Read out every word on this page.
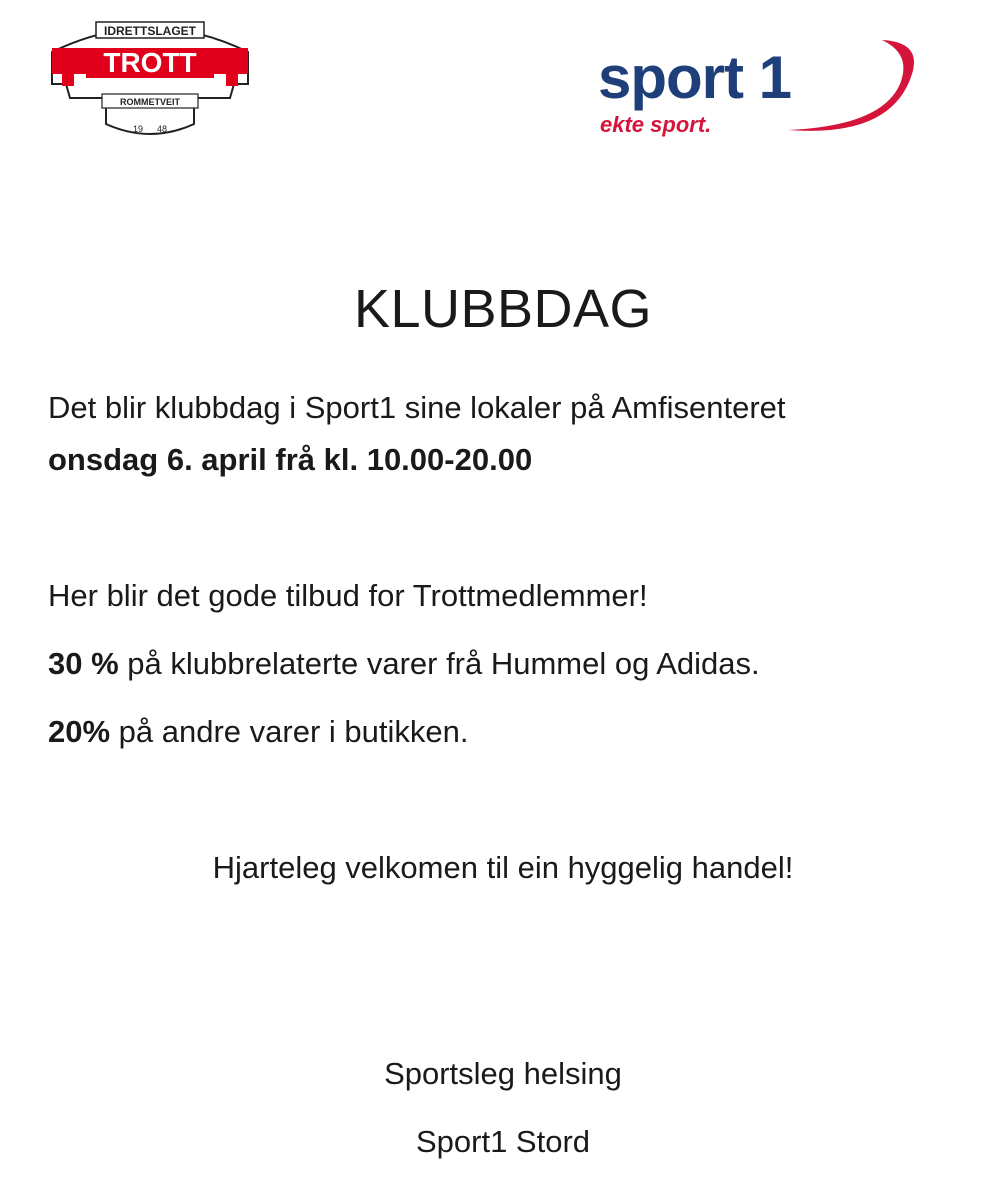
IDRETTSLAGET
TROTT
ROMMETVEIT
19 48
sport 1
ekte sport.
KLUBBDAG

Det blir klubbdag i Sport1 sine lokaler på Amfisenteret

onsdag 6. april frå kl. 10.00-20.00

Her blir det gode tilbud for Trottmedlemmer!

30 % på klubbrelaterte varer frå Hummel og Adidas.

20% på andre varer i butikken.

Hjarteleg velkomen til ein hyggelig handel!

Sportsleg helsing

Sport1 Stord
